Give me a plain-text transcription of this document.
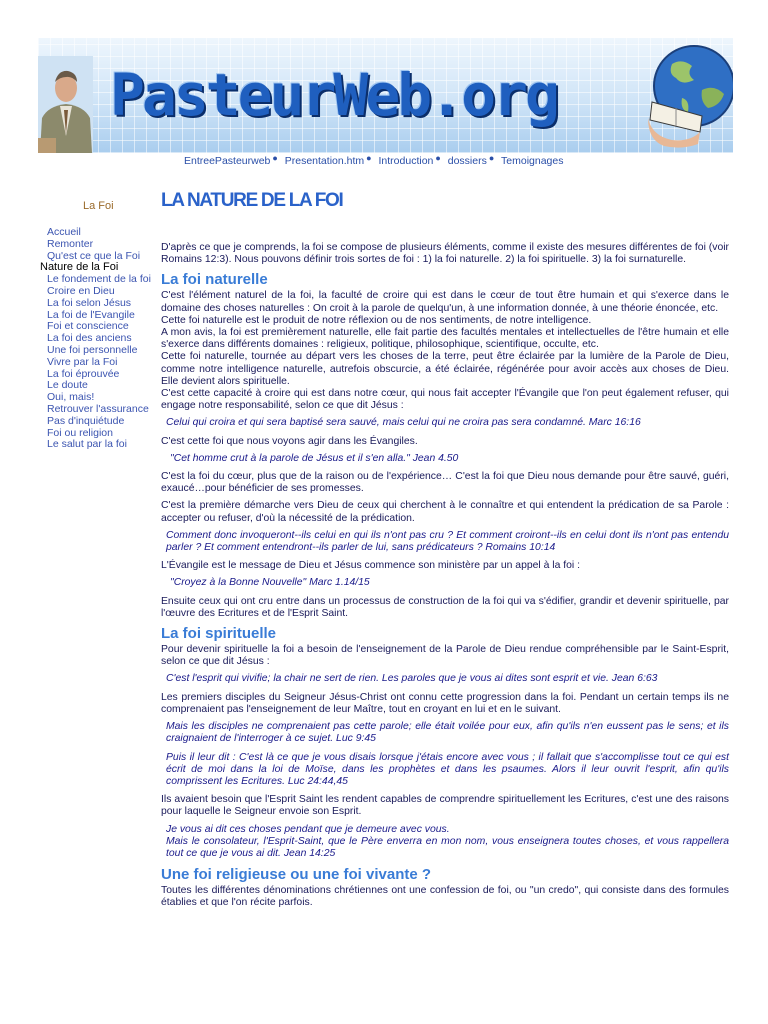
PasteurWeb.org
EntreePasteurweb ● Presentation.htm ● Introduction ● dossiers ● Temoignages
La Foi
Accueil
Remonter
Qu'est ce que la Foi
Nature de la Foi
Le fondement de la foi
Croire en Dieu
La foi selon Jésus
La foi de l'Evangile
Foi et conscience
La foi des anciens
Une foi personnelle
Vivre par la Foi
La foi éprouvée
Le doute
Oui, mais!
Retrouver l'assurance
Pas d'inquiétude
Foi ou religion
Le salut par la foi
LA NATURE DE LA FOI

D'après ce que je comprends, la foi se compose de plusieurs éléments, comme il existe des mesures différentes de foi (voir Romains 12:3). Nous pouvons définir trois sortes de foi : 1) la foi naturelle. 2) la foi spirituelle. 3) la foi surnaturelle.

La foi naturelle

C'est l'élément naturel de la foi, la faculté de croire qui est dans le cœur de tout être humain et qui s'exerce dans le domaine des choses naturelles : On croit à la parole de quelqu'un, à une information donnée, à une théorie énoncée, etc.

Cette foi naturelle est le produit de notre réflexion ou de nos sentiments, de notre intelligence.

A mon avis, la foi est premièrement naturelle, elle fait partie des facultés mentales et intellectuelles de l'être humain et elle s'exerce dans différents domaines : religieux, politique, philosophique, scientifique, occulte, etc.

Cette foi naturelle, tournée au départ vers les choses de la terre, peut être éclairée par la lumière de la Parole de Dieu, comme notre intelligence naturelle, autrefois obscurcie, a été éclairée, régénérée pour avoir accès aux choses de Dieu. Elle devient alors spirituelle.

C'est cette capacité à croire qui est dans notre cœur, qui nous fait accepter l'Évangile que l'on peut également refuser, qui engage notre responsabilité, selon ce que dit Jésus :

Celui qui croira et qui sera baptisé sera sauvé, mais celui qui ne croira pas sera condamné. Marc 16:16

C'est cette foi que nous voyons agir dans les Évangiles.

"Cet homme crut à la parole de Jésus et il s'en alla." Jean 4.50

C'est la foi du cœur, plus que de la raison ou de l'expérience… C'est la foi que Dieu nous demande pour être sauvé, guéri, exaucé…pour bénéficier de ses promesses.

C'est la première démarche vers Dieu de ceux qui cherchent à le connaître et qui entendent la prédication de sa Parole : accepter ou refuser, d'où la nécessité de la prédication.

Comment donc invoqueront--ils celui en qui ils n'ont pas cru ? Et comment croiront--ils en celui dont ils n'ont pas entendu parler ? Et comment entendront--ils parler de lui, sans prédicateurs ? Romains 10:14

L'Évangile est le message de Dieu et Jésus commence son ministère par un appel à la foi :

"Croyez à la Bonne Nouvelle" Marc 1.14/15

Ensuite ceux qui ont cru entre dans un processus de construction de la foi qui va s'édifier, grandir et devenir spirituelle, par l'œuvre des Ecritures et de l'Esprit Saint.

La foi spirituelle

Pour devenir spirituelle la foi a besoin de l'enseignement de la Parole de Dieu rendue compréhensible par le Saint-Esprit, selon ce que dit Jésus :

C'est l'esprit qui vivifie; la chair ne sert de rien. Les paroles que je vous ai dites sont esprit et vie. Jean 6:63

Les premiers disciples du Seigneur Jésus-Christ ont connu cette progression dans la foi. Pendant un certain temps ils ne comprenaient pas l'enseignement de leur Maître, tout en croyant en lui et en le suivant.

Mais les disciples ne comprenaient pas cette parole; elle était voilée pour eux, afin qu'ils n'en eussent pas le sens; et ils craignaient de l'interroger à ce sujet. Luc 9:45

Puis il leur dit : C'est là ce que je vous disais lorsque j'étais encore avec vous ; il fallait que s'accomplisse tout ce qui est écrit de moi dans la loi de Moïse, dans les prophètes et dans les psaumes. Alors il leur ouvrit l'esprit, afin qu'ils comprissent les Ecritures. Luc 24:44,45

Ils avaient besoin que l'Esprit Saint les rendent capables de comprendre spirituellement les Ecritures, c'est une des raisons pour laquelle le Seigneur envoie son Esprit.

Je vous ai dit ces choses pendant que je demeure avec vous.

Mais le consolateur, l'Esprit-Saint, que le Père enverra en mon nom, vous enseignera toutes choses, et vous rappellera tout ce que je vous ai dit. Jean 14:25

Une foi religieuse ou une foi vivante ?

Toutes les différentes dénominations chrétiennes ont une confession de foi, ou "un credo", qui consiste dans des formules établies et que l'on récite parfois.
